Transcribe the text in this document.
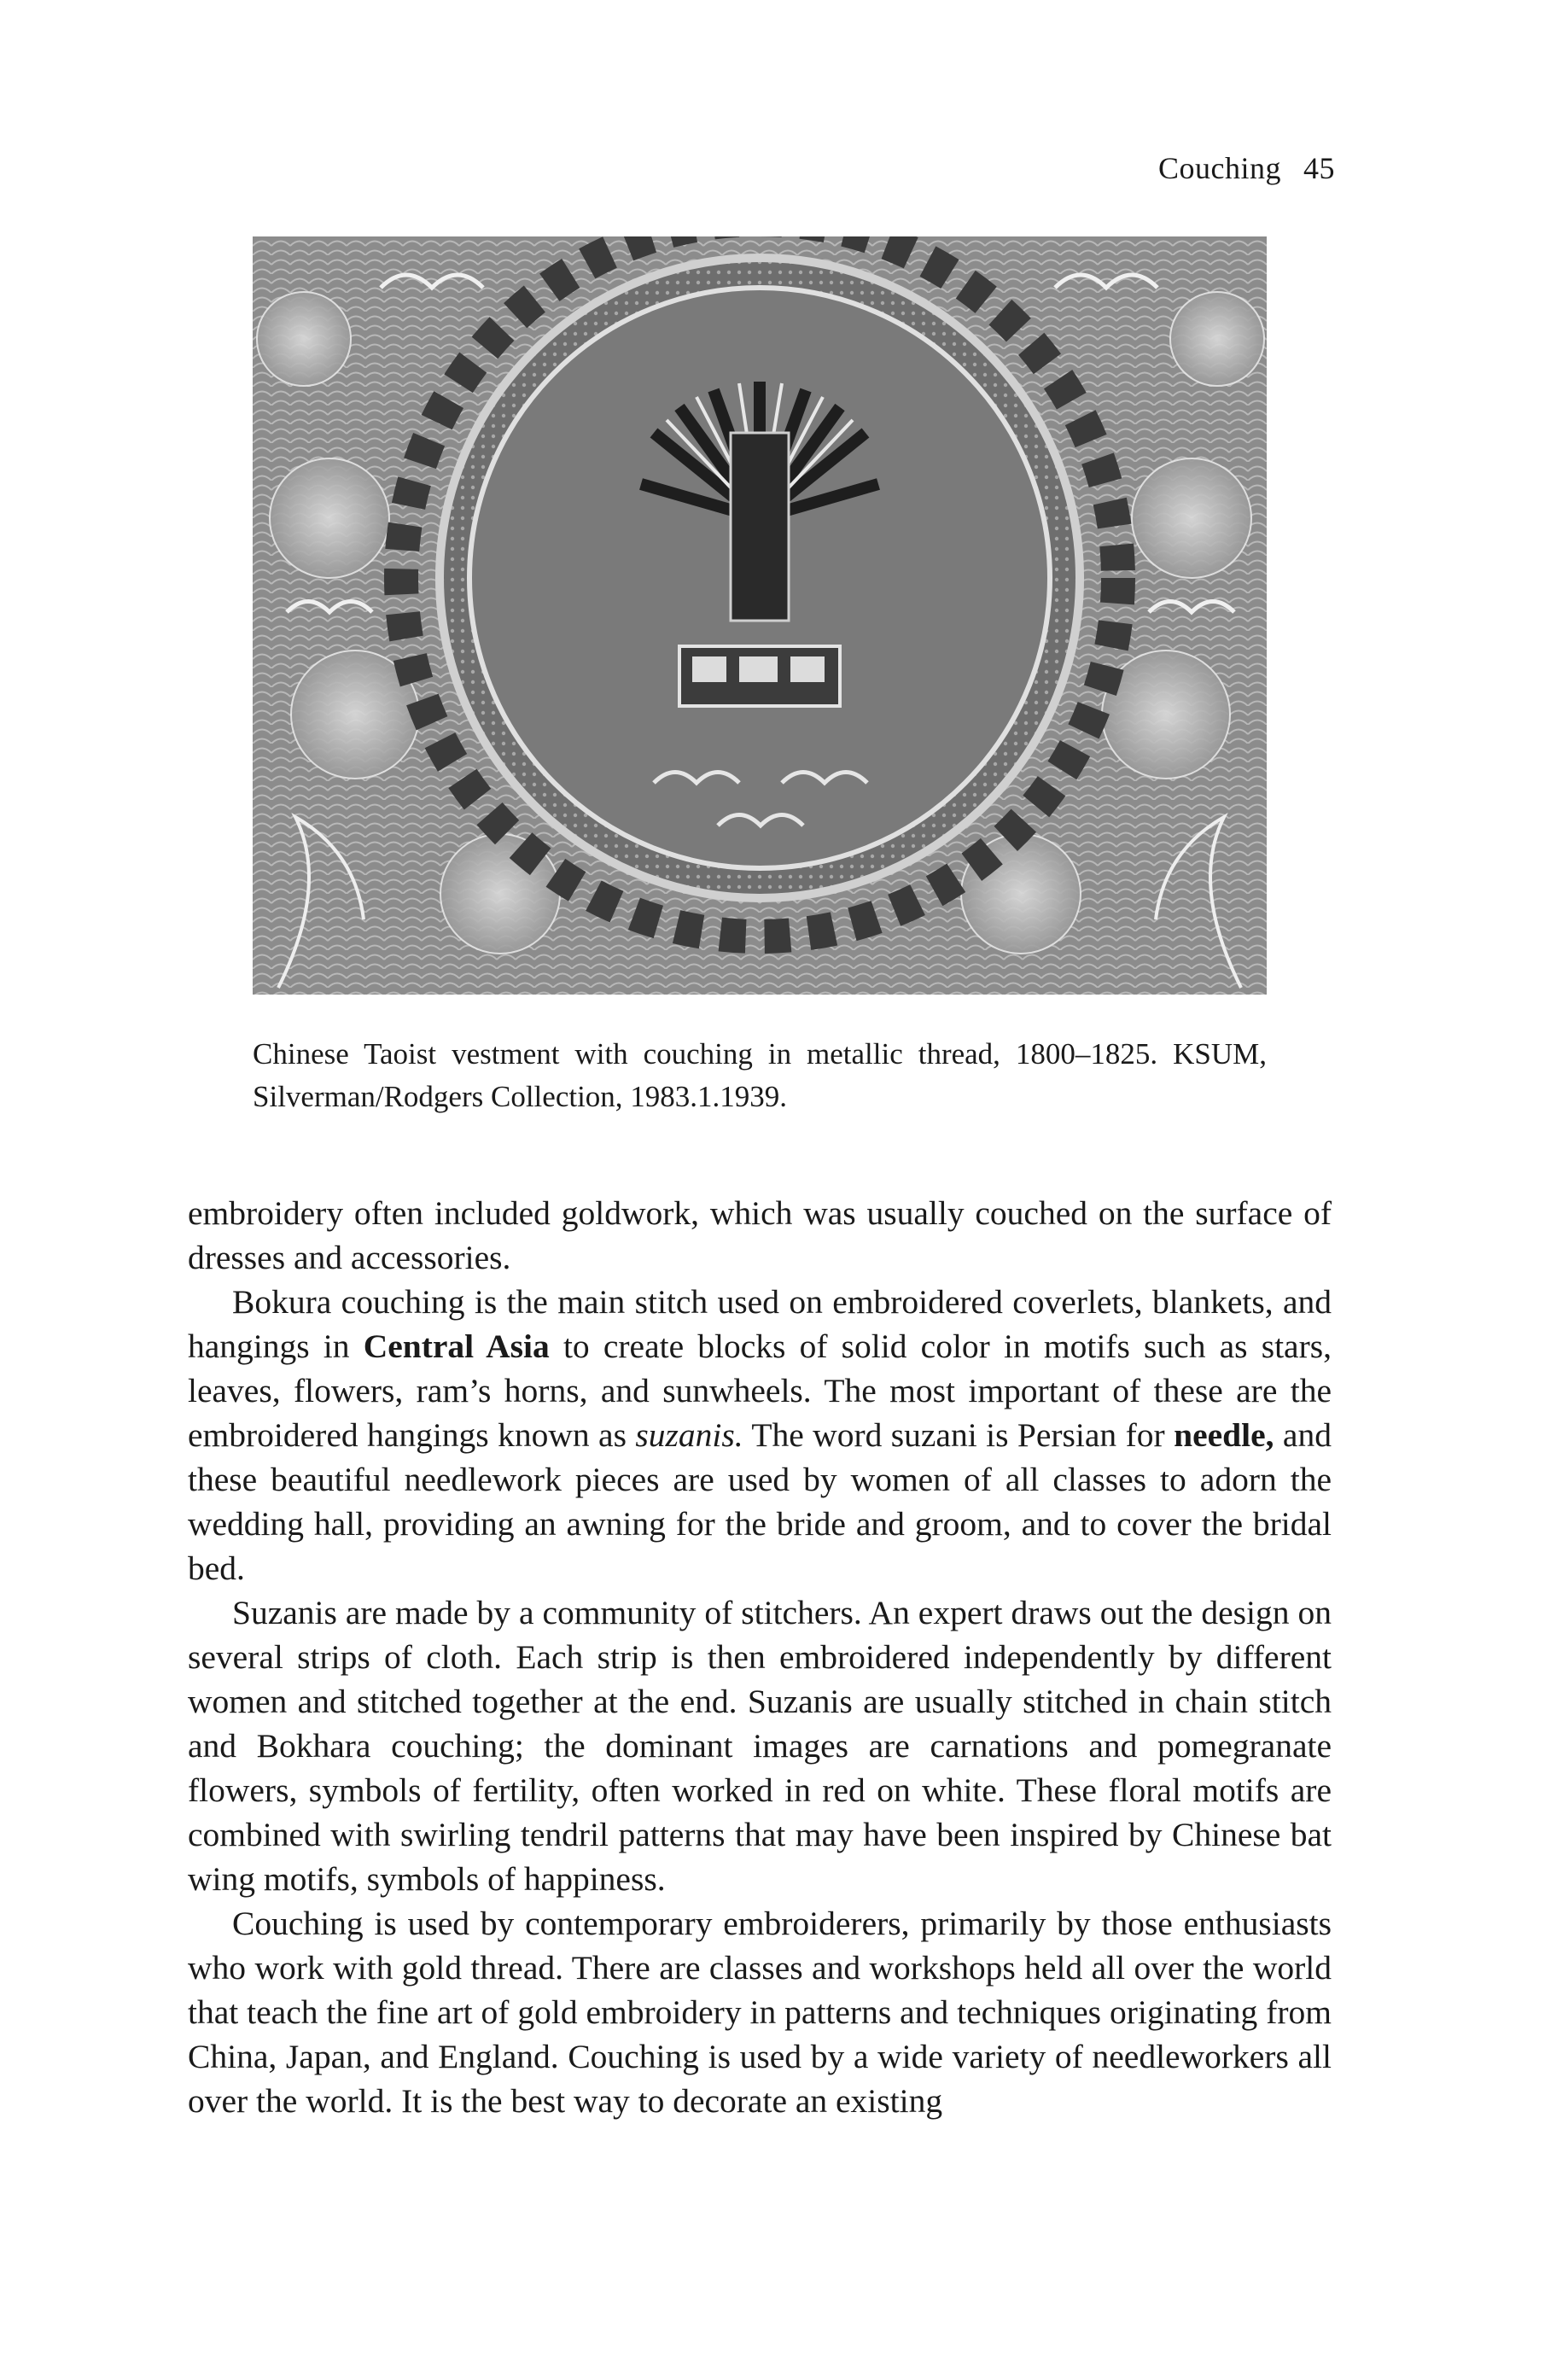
Couching 45
Chinese Taoist vestment with couching in metallic thread, 1800–1825. KSUM, Silverman/Rodgers Collection, 1983.1.1939.

embroidery often included goldwork, which was usually couched on the surface of dresses and accessories.

Bokura couching is the main stitch used on embroidered coverlets, blankets, and hangings in Central Asia to create blocks of solid color in motifs such as stars, leaves, flowers, ram’s horns, and sunwheels. The most important of these are the embroidered hangings known as suzanis. The word suzani is Persian for needle, and these beautiful needlework pieces are used by women of all classes to adorn the wedding hall, providing an awning for the bride and groom, and to cover the bridal bed.

Suzanis are made by a community of stitchers. An expert draws out the design on several strips of cloth. Each strip is then embroidered independently by different women and stitched together at the end. Suzanis are usually stitched in chain stitch and Bokhara couching; the dominant images are carnations and pomegranate flowers, symbols of fertility, often worked in red on white. These floral motifs are combined with swirling tendril patterns that may have been inspired by Chinese bat wing motifs, symbols of happiness.

Couching is used by contemporary embroiderers, primarily by those enthusiasts who work with gold thread. There are classes and workshops held all over the world that teach the fine art of gold embroidery in patterns and techniques originating from China, Japan, and England. Couching is used by a wide variety of needleworkers all over the world. It is the best way to decorate an existing
